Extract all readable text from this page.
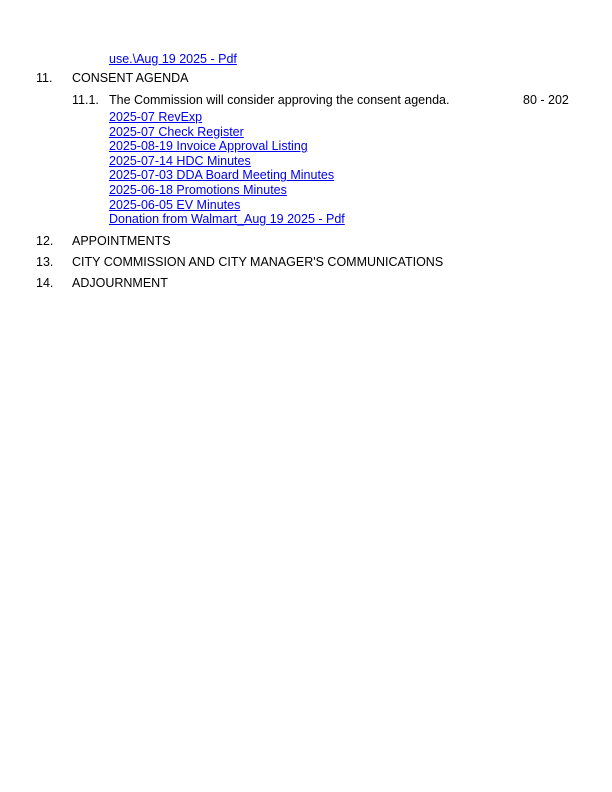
use.\Aug 19 2025 - Pdf
11. CONSENT AGENDA
11.1. The Commission will consider approving the consent agenda.	80 - 202
2025-07 RevExp
2025-07 Check Register
2025-08-19 Invoice Approval Listing
2025-07-14 HDC Minutes
2025-07-03 DDA Board Meeting Minutes
2025-06-18 Promotions Minutes
2025-06-05 EV Minutes
Donation from Walmart_Aug 19 2025 - Pdf
12. APPOINTMENTS
13. CITY COMMISSION AND CITY MANAGER'S COMMUNICATIONS
14. ADJOURNMENT
